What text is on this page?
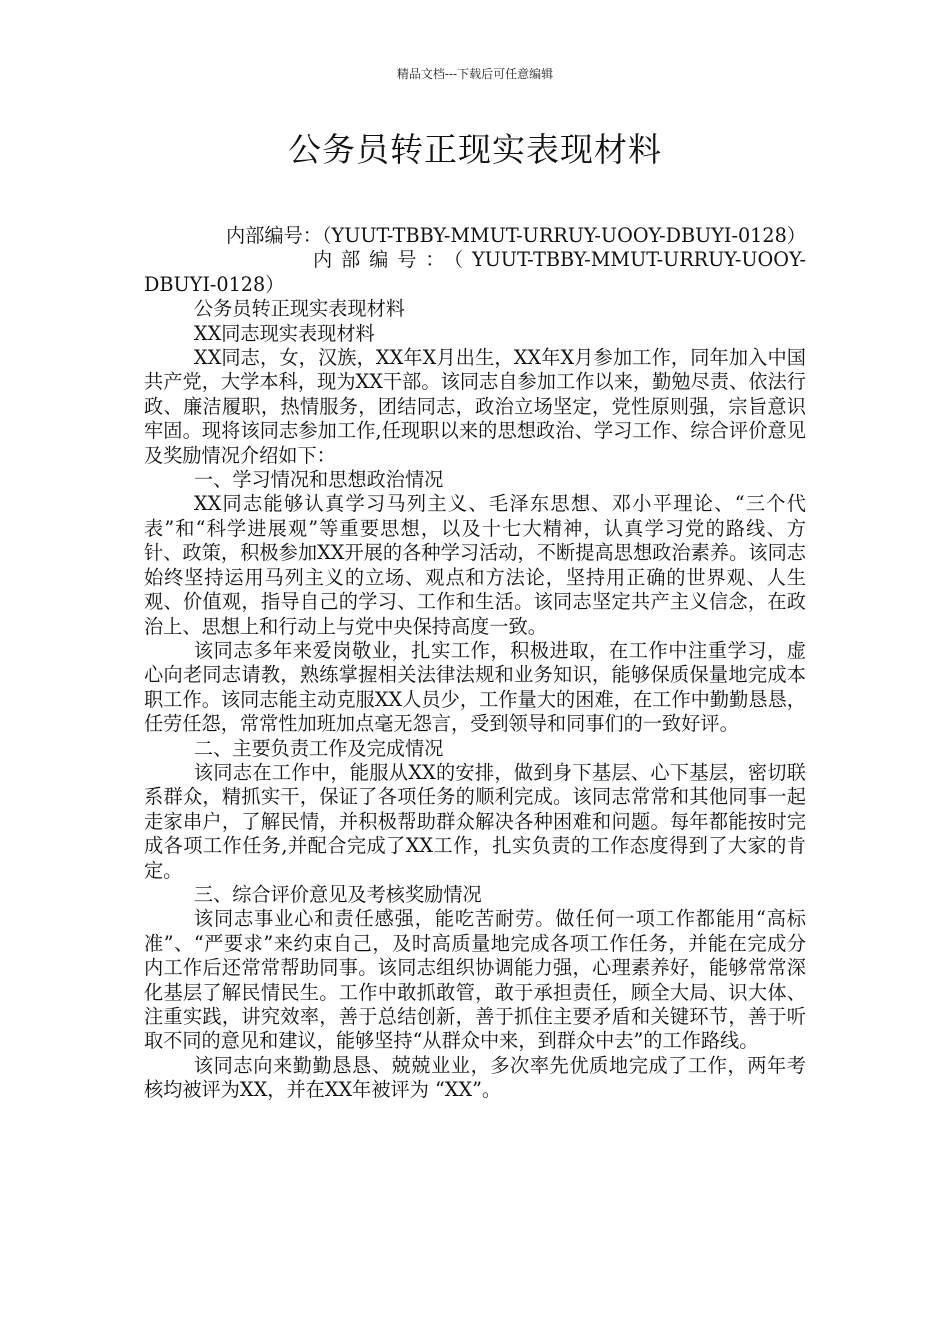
精品文档---下载后可任意编辑
公务员转正现实表现材料

内部编号：（YUUT-TBBY-MMUT-URRUY-UOOY-DBUYI-0128）

内部编号：（YUUT-TBBY-MMUT-URRUY-UOOY-DBUYI-0128）

公务员转正现实表现材料

XX同志现实表现材料

XX同志，女，汉族，XX年X月出生，XX年X月参加工作，同年加入中国共产党，大学本科，现为XX干部。该同志自参加工作以来，勤勉尽责、依法行政、廉洁履职，热情服务，团结同志，政治立场坚定，党性原则强，宗旨意识牢固。现将该同志参加工作,任现职以来的思想政治、学习工作、综合评价意见及奖励情况介绍如下：

一、学习情况和思想政治情况

XX同志能够认真学习马列主义、毛泽东思想、邓小平理论、“三个代表”和“科学进展观”等重要思想，以及十七大精神，认真学习党的路线、方针、政策，积极参加XX开展的各种学习活动，不断提高思想政治素养。该同志始终坚持运用马列主义的立场、观点和方法论，坚持用正确的世界观、人生观、价值观，指导自己的学习、工作和生活。该同志坚定共产主义信念，在政治上、思想上和行动上与党中央保持高度一致。

该同志多年来爱岗敬业，扎实工作，积极进取，在工作中注重学习，虚心向老同志请教，熟练掌握相关法律法规和业务知识，能够保质保量地完成本职工作。该同志能主动克服XX人员少，工作量大的困难，在工作中勤勤恳恳，任劳任怨，常常性加班加点毫无怨言，受到领导和同事们的一致好评。

二、主要负责工作及完成情况

该同志在工作中，能服从XX的安排，做到身下基层、心下基层，密切联系群众，精抓实干，保证了各项任务的顺利完成。该同志常常和其他同事一起走家串户，了解民情，并积极帮助群众解决各种困难和问题。每年都能按时完成各项工作任务,并配合完成了XX工作，扎实负责的工作态度得到了大家的肯定。

三、综合评价意见及考核奖励情况

该同志事业心和责任感强，能吃苦耐劳。做任何一项工作都能用“高标准”、“严要求”来约束自己，及时高质量地完成各项工作任务，并能在完成分内工作后还常常帮助同事。该同志组织协调能力强，心理素养好，能够常常深化基层了解民情民生。工作中敢抓敢管，敢于承担责任，顾全大局、识大体、注重实践，讲究效率，善于总结创新，善于抓住主要矛盾和关键环节，善于听取不同的意见和建议，能够坚持“从群众中来，到群众中去”的工作路线。

该同志向来勤勤恳恳、兢兢业业，多次率先优质地完成了工作，两年考核均被评为XX，并在XX年被评为 “XX”。
